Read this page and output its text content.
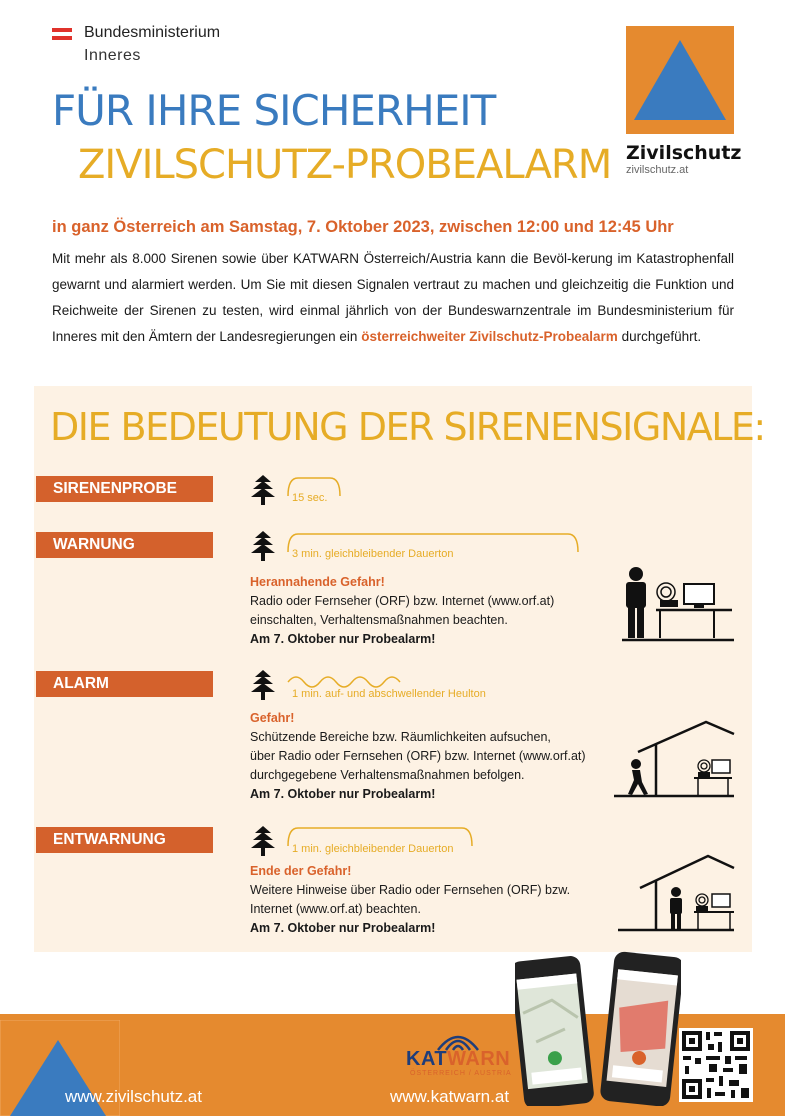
Bundesministerium
Inneres
Zivilschutz
zivilschutz.at
FÜR IHRE SICHERHEIT
ZIVILSCHUTZ-PROBEALARM
in ganz Österreich am Samstag, 7. Oktober 2023, zwischen 12:00 und 12:45 Uhr

Mit mehr als 8.000 Sirenen sowie über KATWARN Österreich/Austria kann die Bevöl-kerung im Katastrophenfall gewarnt und alarmiert werden. Um Sie mit diesen Signalen vertraut zu machen und gleichzeitig die Funktion und Reichweite der Sirenen zu testen, wird einmal jährlich von der Bundeswarnzentrale im Bundesministerium für Inneres mit den Ämtern der Landesregierungen ein österreichweiter Zivilschutz-Probealarm durchgeführt.

DIE BEDEUTUNG DER SIRENENSIGNALE:
SIRENENPROBE
15 sec.
WARNUNG
3 min. gleichbleibender Dauerton
Herannahende Gefahr!
Radio oder Fernseher (ORF) bzw. Internet (www.orf.at)
einschalten, Verhaltensmaßnahmen beachten.
Am 7. Oktober nur Probealarm!
ALARM
1 min. auf- und abschwellender Heulton
Gefahr!
Schützende Bereiche bzw. Räumlichkeiten aufsuchen,
über Radio oder Fernsehen (ORF) bzw. Internet (www.orf.at)
durchgegebene Verhaltensmaßnahmen befolgen.
Am 7. Oktober nur Probealarm!
ENTWARNUNG
1 min. gleichbleibender Dauerton
Ende der Gefahr!
Weitere Hinweise über Radio oder Fernsehen (ORF) bzw.
Internet (www.orf.at) beachten.
Am 7. Oktober nur Probealarm!
www.zivilschutz.at
KATWARN
ÖSTERREICH / AUSTRIA
www.katwarn.at
